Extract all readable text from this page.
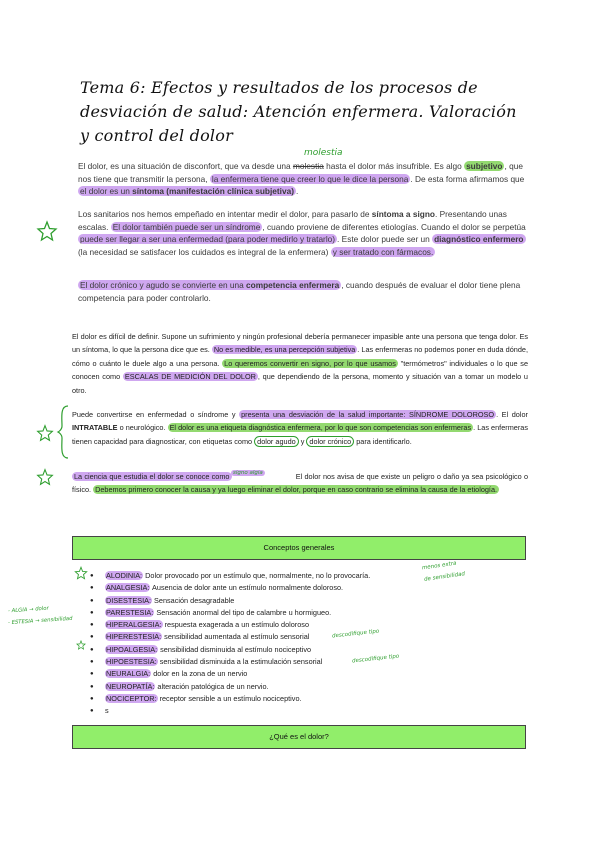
Tema 6: Efectos y resultados de los procesos de desviación de salud: Atención enfermera. Valoración y control del dolor
molestia

El dolor, es una situación de disconfort, que va desde una molestia hasta el dolor más insufrible. Es algo subjetivo , que nos tiene que transmitir la persona, la enfermera tiene que creer lo que le dice la persona . De esta forma afirmamos que el dolor es un síntoma (manifestación clínica subjetiva) .

Los sanitarios nos hemos empeñado en intentar medir el dolor, para pasarlo de síntoma a signo. Presentando unas escalas. El dolor también puede ser un síndrome , cuando proviene de diferentes etiologías. Cuando el dolor se perpetúa puede ser llegar a ser una enfermedad (para poder medirlo y tratarlo) . Este dolor puede ser un diagnóstico enfermero (la necesidad se satisfacer los cuidados es integral de la enfermera) y ser tratado con fármacos.

El dolor crónico y agudo se convierte en una competencia enfermera , cuando después de evaluar el dolor tiene plena competencia para poder controlarlo.

El dolor es difícil de definir. Supone un sufrimiento y ningún profesional debería permanecer impasible ante una persona que tenga dolor. Es un síntoma, lo que la persona dice que es. No es medible, es una percepción subjetiva . Las enfermeras no podemos poner en duda dónde, cómo o cuánto le duele algo a una persona. Lo queremos convertir en signo, por lo que usamos "termómetros" individuales o lo que se conocen como ESCALAS DE MEDICIÓN DEL DOLOR , que dependiendo de la persona, momento y situación van a tomar un modelo u otro.

Puede convertirse en enfermedad o síndrome y presenta una desviación de la salud importante: SÍNDROME DOLOROSO . El dolor INTRATABLE o neurológico. El dolor es una etiqueta diagnóstica enfermera, por lo que son competencias son enfermeras . Las enfermeras tienen capacidad para diagnosticar, con etiquetas como dolor agudo y dolor crónico para identificarlo.

La ciencia que estudia el dolor se conoce como	El dolor nos avisa de que existe un peligro o daño ya sea psicológico o físico. Debemos primero conocer la causa y ya luego eliminar el dolor, porque en caso contrario se elimina la causa de la etiología.

signo algia
Conceptos generales
menos extra
de sensibilidad
- ALGIA → dolor
- ESTESIA → sensibilidad
descodifique tipo
descodifique tipo
● ALODINIA: Dolor provocado por un estímulo que, normalmente, no lo provocaría.
● ANALGESIA: Ausencia de dolor ante un estímulo normalmente doloroso.
● DISESTESIA: Sensación desagradable
● PARESTESIA: Sensación anormal del tipo de calambre u hormigueo.
● HIPERALGESIA: respuesta exagerada a un estímulo doloroso
● HIPERESTESIA: sensibilidad aumentada al estímulo sensorial
● HIPOALGESIA: sensibilidad disminuida al estímulo nociceptivo
● HIPOESTESIA: sensibilidad disminuida a la estimulación sensorial
● NEURALGIA: dolor en la zona de un nervio
● NEUROPATÍA: alteración patológica de un nervio.
● NOCICEPTOR: receptor sensible a un estímulo nociceptivo.
● s
¿Qué es el dolor?
